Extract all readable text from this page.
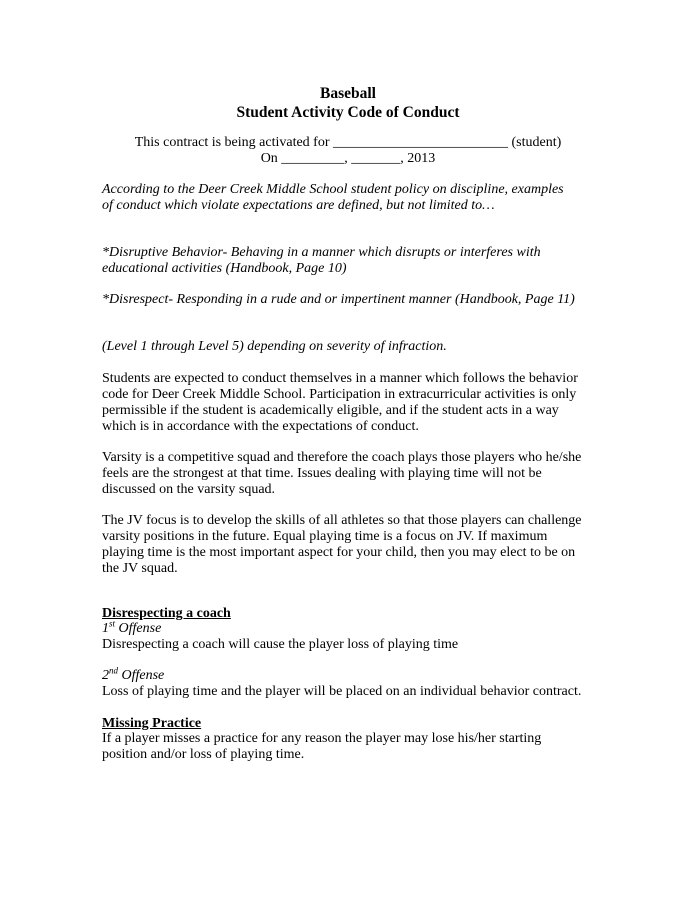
Baseball
Student Activity Code of Conduct
This contract is being activated for _________________________ (student)
On _________, _______, 2013

According to the Deer Creek Middle School student policy on discipline, examples of conduct which violate expectations are defined, but not limited to…

*Disruptive Behavior- Behaving in a manner which disrupts or interferes with educational activities (Handbook, Page 10)

*Disrespect- Responding in a rude and or impertinent manner (Handbook, Page 11)

(Level 1 through Level 5) depending on severity of infraction.

Students are expected to conduct themselves in a manner which follows the behavior code for Deer Creek Middle School. Participation in extracurricular activities is only permissible if the student is academically eligible, and if the student acts in a way which is in accordance with the expectations of conduct.

Varsity is a competitive squad and therefore the coach plays those players who he/she feels are the strongest at that time. Issues dealing with playing time will not be discussed on the varsity squad.

The JV focus is to develop the skills of all athletes so that those players can challenge varsity positions in the future. Equal playing time is a focus on JV. If maximum playing time is the most important aspect for your child, then you may elect to be on the JV squad.

Disrespecting a coach
1st Offense

Disrespecting a coach will cause the player loss of playing time

2nd Offense

Loss of playing time and the player will be placed on an individual behavior contract.

Missing Practice

If a player misses a practice for any reason the player may lose his/her starting position and/or loss of playing time.
